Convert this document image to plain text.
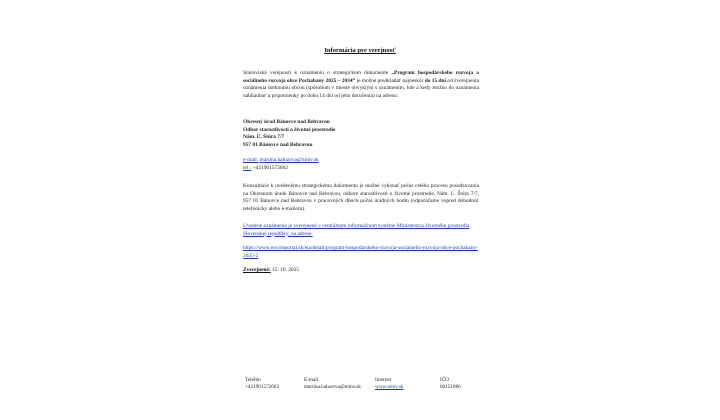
Informácia pre verejnosť
Stanoviská verejnosti k oznámeniu o strategickom dokumente „Program hospodárskeho rozvoja a sociálneho rozvoja obce Pochabany 2025 – 2034“ je možné predkladať najneskôr do 15 dní od zverejnenia oznámenia dotknutou obcou (spôsobom v mieste obvyklým s oznámením, kde a kedy možno do oznámenia nahliadnuť a pripomienky po dobu 14 dní od jeho doručenia) na adresu:
Okresný úrad Bánovce nad Bebravou
Odbor starostlivosti o životné prostredie
Nám. Ľ. Štúra 7/7
957 01 Bánovce nad Bebravou
e-mail: martina.haluzova@minv.sk
tel.: +421961572662
Konzultácie k uvedenému strategickému dokumentu je možné vykonať počas celého procesu posudzovania na Okresnom úrade Bánovce nad Bebravou, odbore starostlivosti o životné prostredie, Nám. Ľ. Štúra 7/7, 957 01 Bánovce nad Bebravou v pracovných dňoch počas úradných hodín (odporúčame vopred dohodnúť telefonicky alebo e-mailom).
Uvedené oznámenie je zverejnené v centrálnom informačnom systéme Ministerstva životného prostredia Slovenskej republiky, na adrese:
https://www.enviroportal.sk/eia/detail/program-hospodarskeho-rozvoja-socialneho-rozvoja-obce-pochabany-2025-2
Zverejnené: 15. 10. 2025
Telefón
+421961572662
E-mail
martina.haluzova@minv.sk
Internet
www.minv.sk
IČO
00151866
